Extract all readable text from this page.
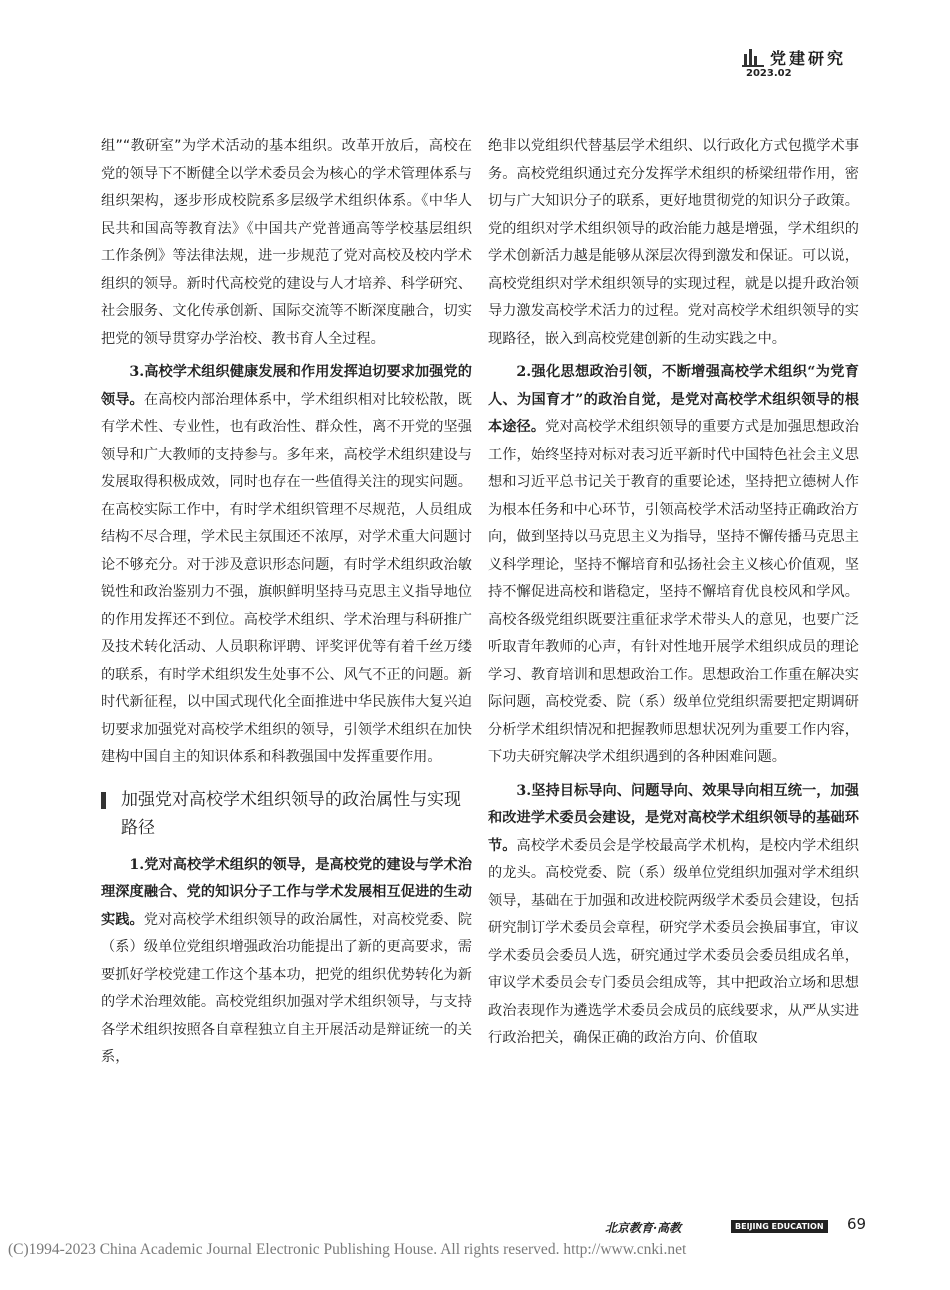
党建研究
2023.02

组”“教研室”为学术活动的基本组织。改革开放后，高校在党的领导下不断健全以学术委员会为核心的学术管理体系与组织架构，逐步形成校院系多层级学术组织体系。《中华人民共和国高等教育法》《中国共产党普通高等学校基层组织工作条例》等法律法规，进一步规范了党对高校及校内学术组织的领导。新时代高校党的建设与人才培养、科学研究、社会服务、文化传承创新、国际交流等不断深度融合，切实把党的领导贯穿办学治校、教书育人全过程。

3.高校学术组织健康发展和作用发挥迫切要求加强党的领导。在高校内部治理体系中，学术组织相对比较松散，既有学术性、专业性，也有政治性、群众性，离不开党的坚强领导和广大教师的支持参与。多年来，高校学术组织建设与发展取得积极成效，同时也存在一些值得关注的现实问题。在高校实际工作中，有时学术组织管理不尽规范，人员组成结构不尽合理，学术民主氛围还不浓厚，对学术重大问题讨论不够充分。对于涉及意识形态问题，有时学术组织政治敏锐性和政治鉴别力不强，旗帜鲜明坚持马克思主义指导地位的作用发挥还不到位。高校学术组织、学术治理与科研推广及技术转化活动、人员职称评聘、评奖评优等有着千丝万缕的联系，有时学术组织发生处事不公、风气不正的问题。新时代新征程，以中国式现代化全面推进中华民族伟大复兴迫切要求加强党对高校学术组织的领导，引领学术组织在加快建构中国自主的知识体系和科教强国中发挥重要作用。

加强党对高校学术组织领导的政治属性与实现路径

1.党对高校学术组织的领导，是高校党的建设与学术治理深度融合、党的知识分子工作与学术发展相互促进的生动实践。党对高校学术组织领导的政治属性，对高校党委、院（系）级单位党组织增强政治功能提出了新的更高要求，需要抓好学校党建工作这个基本功，把党的组织优势转化为新的学术治理效能。高校党组织加强对学术组织领导，与支持各学术组织按照各自章程独立自主开展活动是辩证统一的关系，

绝非以党组织代替基层学术组织、以行政化方式包揽学术事务。高校党组织通过充分发挥学术组织的桥梁纽带作用，密切与广大知识分子的联系，更好地贯彻党的知识分子政策。党的组织对学术组织领导的政治能力越是增强，学术组织的学术创新活力越是能够从深层次得到激发和保证。可以说，高校党组织对学术组织领导的实现过程，就是以提升政治领导力激发高校学术活力的过程。党对高校学术组织领导的实现路径，嵌入到高校党建创新的生动实践之中。

2.强化思想政治引领，不断增强高校学术组织“为党育人、为国育才”的政治自觉，是党对高校学术组织领导的根本途径。党对高校学术组织领导的重要方式是加强思想政治工作，始终坚持对标对表习近平新时代中国特色社会主义思想和习近平总书记关于教育的重要论述，坚持把立德树人作为根本任务和中心环节，引领高校学术活动坚持正确政治方向，做到坚持以马克思主义为指导，坚持不懈传播马克思主义科学理论，坚持不懈培育和弘扬社会主义核心价值观，坚持不懈促进高校和谐稳定，坚持不懈培育优良校风和学风。高校各级党组织既要注重征求学术带头人的意见，也要广泛听取青年教师的心声，有针对性地开展学术组织成员的理论学习、教育培训和思想政治工作。思想政治工作重在解决实际问题，高校党委、院（系）级单位党组织需要把定期调研分析学术组织情况和把握教师思想状况列为重要工作内容，下功夫研究解决学术组织遇到的各种困难问题。

3.坚持目标导向、问题导向、效果导向相互统一，加强和改进学术委员会建设，是党对高校学术组织领导的基础环节。高校学术委员会是学校最高学术机构，是校内学术组织的龙头。高校党委、院（系）级单位党组织加强对学术组织领导，基础在于加强和改进校院两级学术委员会建设，包括研究制订学术委员会章程，研究学术委员会换届事宜，审议学术委员会委员人选，研究通过学术委员会委员组成名单，审议学术委员会专门委员会组成等，其中把政治立场和思想政治表现作为遴选学术委员会成员的底线要求，从严从实进行政治把关，确保正确的政治方向、价值取

北京教育·高教	BEIJING EDUCATION 69
(C)1994-2023 China Academic Journal Electronic Publishing House. All rights reserved. http://www.cnki.net
